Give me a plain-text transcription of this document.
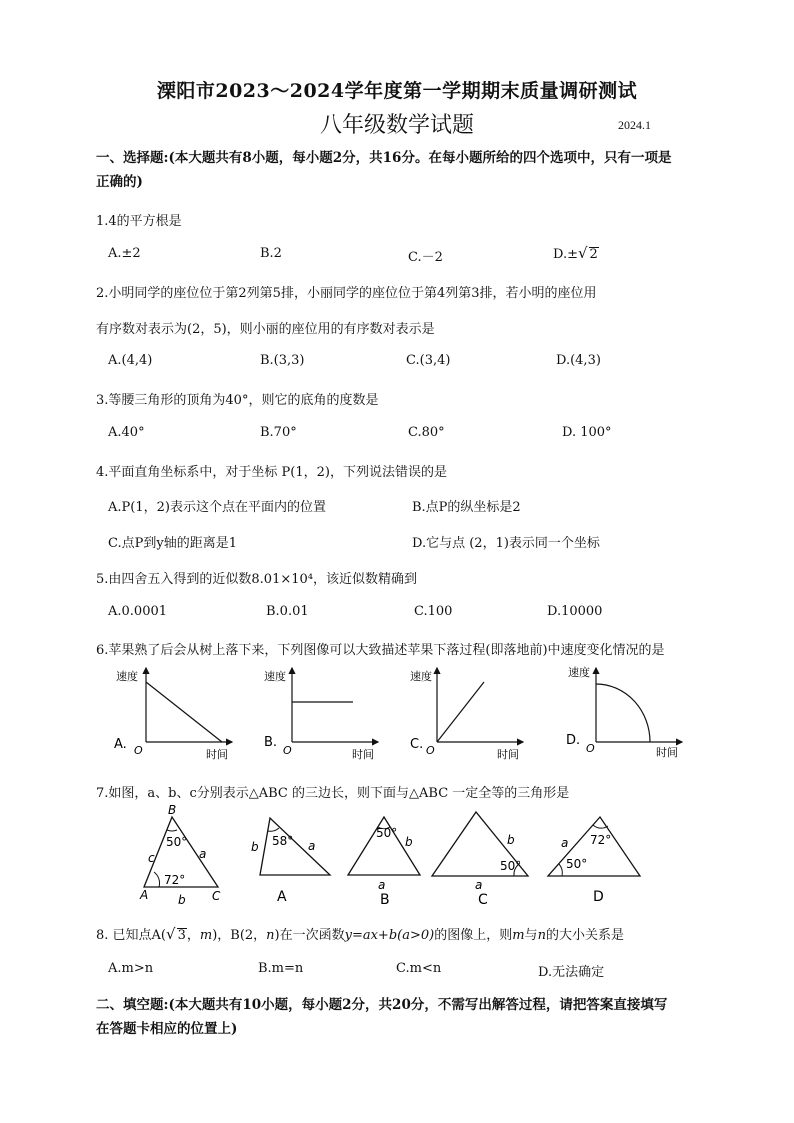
溧阳市2023～2024学年度第一学期期末质量调研测试
八年级数学试题	2024.1
一、选择题:(本大题共有8小题，每小题2分，共16分。在每小题所给的四个选项中，只有一项是
正确的)
1.4的平方根是
A.±2	B.2	C.－2	D.±√ 2
2.小明同学的座位位于第2列第5排，小丽同学的座位位于第4列第3排，若小明的座位用
有序数对表示为(2，5)，则小丽的座位用的有序数对表示是
A.(4,4)	B.(3,3)	C.(3,4)	D.(4,3)
3.等腰三角形的顶角为40°，则它的底角的度数是
A.40°	B.70°	C.80°	D. 100°
4.平面直角坐标系中，对于坐标 P(1，2)，下列说法错误的是
A.P(1，2)表示这个点在平面内的位置	B.点P的纵坐标是2
C.点P到y轴的距离是1	D.它与点 (2，1)表示同一个坐标
5.由四舍五入得到的近似数8.01×10⁴，该近似数精确到
A.0.0001	B.0.01	C.100	D.10000
6.苹果熟了后会从树上落下来，下列图像可以大致描述苹果下落过程(即落地前)中速度变化情况的是
速度
时间
O
A.
速度
时间
O
B.
速度
时间
O
C.
速度
时间
O
D.
7.如图，a、b、c分别表示△ABC 的三边长，则下面与△ABC 一定全等的三角形是
B
A	C
a
b
c
50°
72°
58°
b	a
A
50°
b
a
B
50°
b
a
C
72°
50°
a
D
8. 已知点A(√ 3，m)，B(2，n)在一次函数y=ax+b(a>0)的图像上，则m与n的大小关系是
A.m>n	B.m=n	C.m<n	D.无法确定
二、填空题:(本大题共有10小题，每小题2分，共20分，不需写出解答过程，请把答案直接填写
在答题卡相应的位置上)
